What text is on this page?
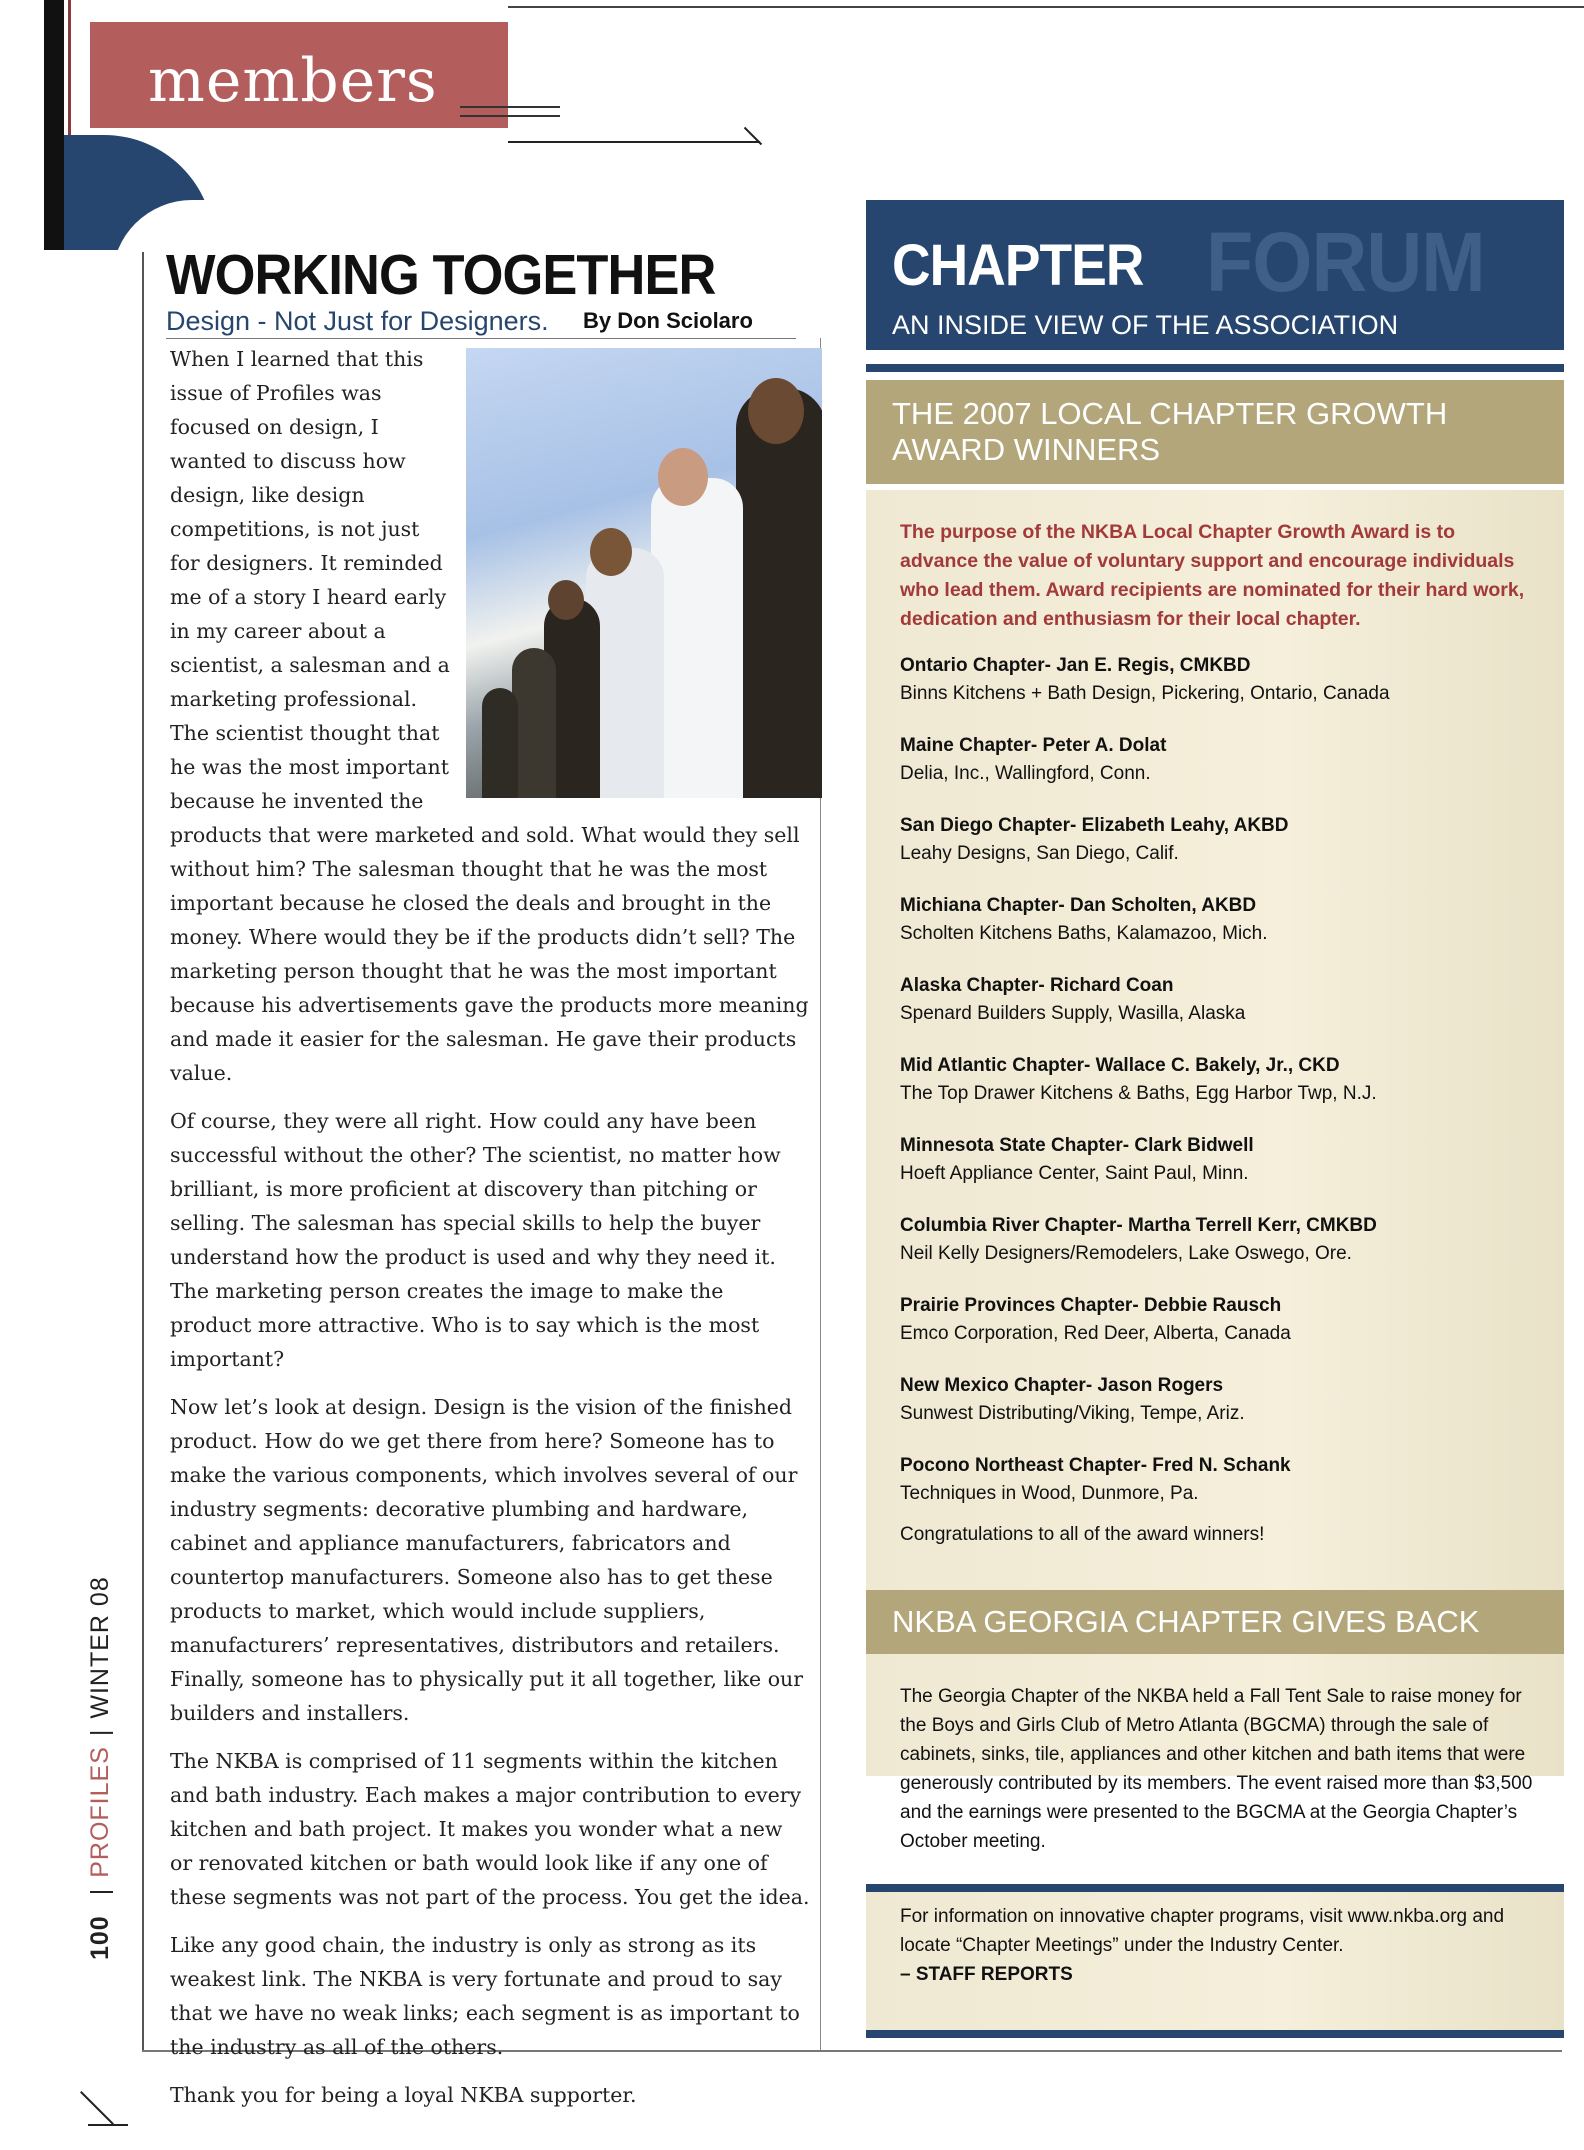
members
100|PROFILES|WINTER 08
WORKING TOGETHER
Design - Not Just for Designers. By Don Sciolaro

When I learned that this issue of Profiles was focused on design, I wanted to discuss how design, like design competitions, is not just for designers. It reminded me of a story I heard early in my career about a scientist, a salesman and a marketing professional. The scientist thought that he was the most important because he invented the products that were marketed and sold. What would they sell without him? The salesman thought that he was the most important because he closed the deals and brought in the money. Where would they be if the products didn’t sell? The marketing person thought that he was the most important because his advertisements gave the products more meaning and made it easier for the salesman. He gave their products value.

Of course, they were all right. How could any have been successful without the other? The scientist, no matter how brilliant, is more proficient at discovery than pitching or selling. The salesman has special skills to help the buyer understand how the product is used and why they need it. The marketing person creates the image to make the product more attractive. Who is to say which is the most important?

Now let’s look at design. Design is the vision of the finished product. How do we get there from here? Someone has to make the various components, which involves several of our industry segments: decorative plumbing and hardware, cabinet and appliance manufacturers, fabricators and countertop manufacturers. Someone also has to get these products to market, which would include suppliers, manufacturers’ representatives, distributors and retailers. Finally, someone has to physically put it all together, like our builders and installers.

The NKBA is comprised of 11 segments within the kitchen and bath industry. Each makes a major contribution to every kitchen and bath project. It makes you wonder what a new or renovated kitchen or bath would look like if any one of these segments was not part of the process. You get the idea.

Like any good chain, the industry is only as strong as its weakest link. The NKBA is very fortunate and proud to say that we have no weak links; each segment is as important to the industry as all of the others.

Thank you for being a loyal NKBA supporter.

FORUM
CHAPTER
AN INSIDE VIEW OF THE ASSOCIATION
THE 2007 LOCAL CHAPTER GROWTH
AWARD WINNERS
The purpose of the NKBA Local Chapter Growth Award is to advance the value of voluntary support and encourage individuals who lead them. Award recipients are nominated for their hard work, dedication and enthusiasm for their local chapter.
Ontario Chapter- Jan E. Regis, CMKBD
Binns Kitchens + Bath Design, Pickering, Ontario, Canada
Maine Chapter- Peter A. Dolat
Delia, Inc., Wallingford, Conn.
San Diego Chapter- Elizabeth Leahy, AKBD
Leahy Designs, San Diego, Calif.
Michiana Chapter- Dan Scholten, AKBD
Scholten Kitchens Baths, Kalamazoo, Mich.
Alaska Chapter- Richard Coan
Spenard Builders Supply, Wasilla, Alaska
Mid Atlantic Chapter- Wallace C. Bakely, Jr., CKD
The Top Drawer Kitchens & Baths, Egg Harbor Twp, N.J.
Minnesota State Chapter- Clark Bidwell
Hoeft Appliance Center, Saint Paul, Minn.
Columbia River Chapter- Martha Terrell Kerr, CMKBD
Neil Kelly Designers/Remodelers, Lake Oswego, Ore.
Prairie Provinces Chapter- Debbie Rausch
Emco Corporation, Red Deer, Alberta, Canada
New Mexico Chapter- Jason Rogers
Sunwest Distributing/Viking, Tempe, Ariz.
Pocono Northeast Chapter- Fred N. Schank
Techniques in Wood, Dunmore, Pa.
Congratulations to all of the award winners!
NKBA GEORGIA CHAPTER GIVES BACK
The Georgia Chapter of the NKBA held a Fall Tent Sale to raise money for the Boys and Girls Club of Metro Atlanta (BGCMA) through the sale of cabinets, sinks, tile, appliances and other kitchen and bath items that were generously contributed by its members. The event raised more than $3,500 and the earnings were presented to the BGCMA at the Georgia Chapter’s October meeting.
For information on innovative chapter programs, visit www.nkba.org and locate “Chapter Meetings” under the Industry Center.
– STAFF REPORTS
